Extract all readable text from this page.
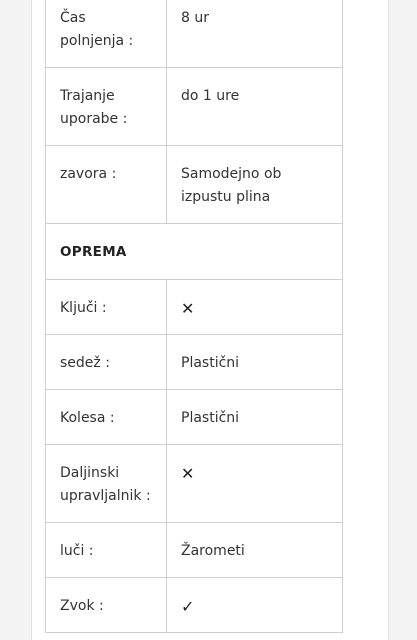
Čas polnjenja :	8 ur

Trajanje uporabe :	do 1 ure

zavora :	Samodejno ob izpustu plina

OPREMA	

Ključi :	✕

sedež :	Plastični

Kolesa :	Plastični

Daljinski upravljalnik :	✕

luči :	Žarometi

Zvok :	✓
